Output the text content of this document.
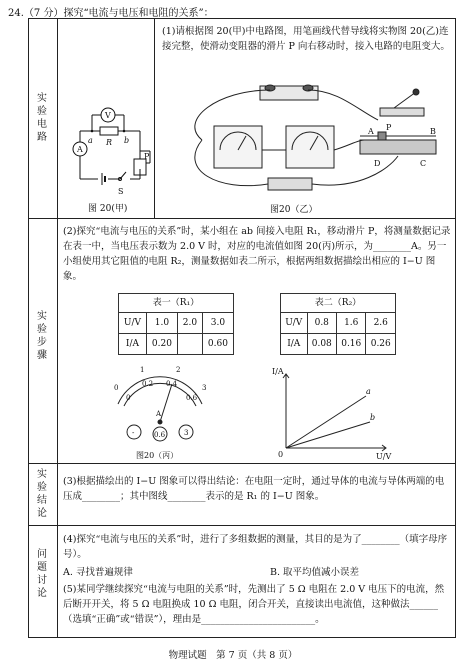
24.（7 分）探究“电流与电压和电阻的关系”：
实验电路
实验步骤
实验结论
问题讨论
V
A
R
a	b
S
P
图 20(甲)
(1)请根据图 20(甲)中电路图，用笔画线代替导线将实物图 20(乙)连接完整，使滑动变阻器的滑片 P 向右移动时，接入电路的电阻变大。
A P	B
D	C
图20（乙）
(2)探究“电流与电压的关系”时，某小组在 ab 间接入电阻 R₁，移动滑片 P，将测量数据记录在表一中，当电压表示数为 2.0 V 时，对应的电流值如图 20(丙)所示，为________A。另一小组使用其它阻值的电阻 R₂，测量数据如表二所示，根据两组数据描绘出相应的 I−U 图象。
表一（R₁）
U/V	1.0	2.0	3.0
I/A	0.20		0.60
表二（R₂）
U/V	0.8	1.6	2.6
I/A	0.08	0.16	0.26
0
1	2
3
0
0.2 0.4
0.6
A
-	0.6	3
图20（丙）
I/A
U/V
0
a
b
(3)根据描绘出的 I−U 图象可以得出结论：在电阻一定时，通过导体的电流与导体两端的电压成________；其中图线________表示的是 R₁ 的 I−U 图象。
(4)探究“电流与电压的关系”时，进行了多组数据的测量，其目的是为了________（填字母序号）。
A. 寻找普遍规律	B. 取平均值减小误差
(5)某同学继续探究“电流与电阻的关系”时，先测出了 5 Ω 电阻在 2.0 V 电压下的电流，然后断开开关，将 5 Ω 电阻换成 10 Ω 电阻，闭合开关，直接读出电流值，这种做法______（选填“正确”或“错误”），理由是________________________。
物理试题　第 7 页（共 8 页）
